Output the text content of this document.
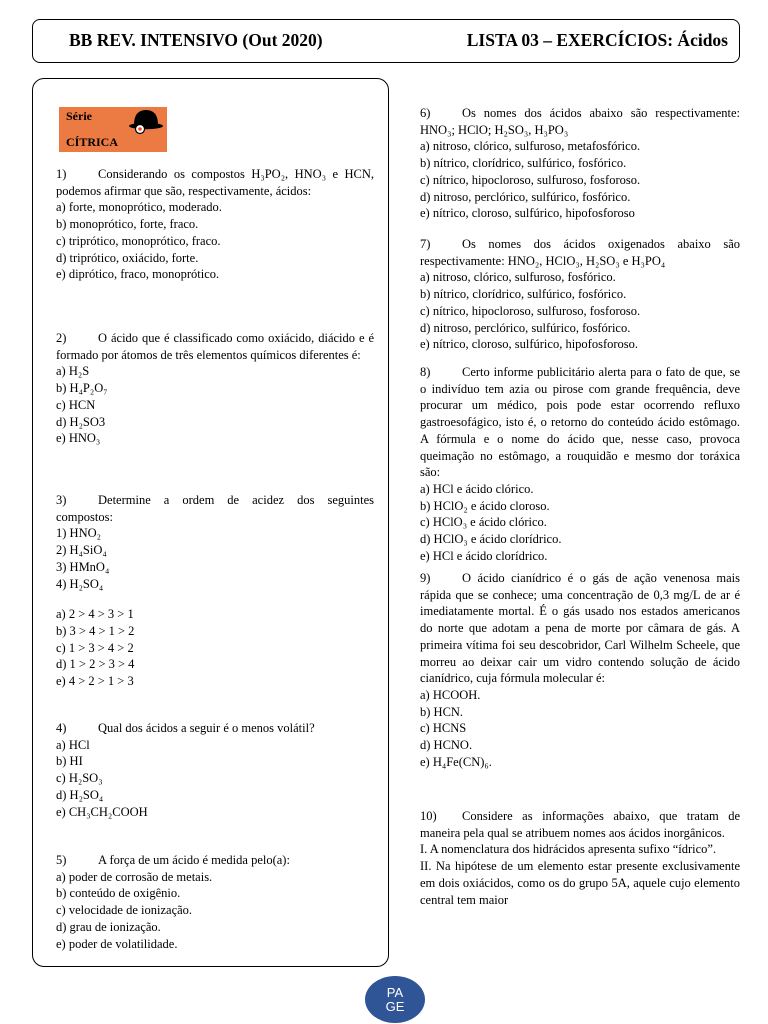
BB REV. INTENSIVO (Out 2020)	LISTA 03 – EXERCÍCIOS: Ácidos
Série
CÍTRICA
1)	Considerando os compostos H₃PO₂, HNO₃ e HCN, podemos afirmar que são, respectivamente, ácidos:
a) forte, monoprótico, moderado.
b) monoprótico, forte, fraco.
c) triprótico, monoprótico, fraco.
d) triprótico, oxiácido, forte.
e) diprótico, fraco, monoprótico.
2)	O ácido que é classificado como oxiácido, diácido e é formado por átomos de três elementos químicos diferentes é:
a) H₂S
b) H₄P₂O₇
c) HCN
d) H₂SO3
e) HNO₃
3)	Determine a ordem de acidez dos seguintes compostos:
1) HNO₂
2) H₄SiO₄
3) HMnO₄
4) H₂SO₄
a) 2 > 4 > 3 > 1
b) 3 > 4 > 1 > 2
c) 1 > 3 > 4 > 2
d) 1 > 2 > 3 > 4
e) 4 > 2 > 1 > 3
4)	Qual dos ácidos a seguir é o menos volátil?
a) HCl
b) HI
c) H₂SO₃
d) H₂SO₄
e) CH₃CH₂COOH
5)	A força de um ácido é medida pelo(a):
a) poder de corrosão de metais.
b) conteúdo de oxigênio.
c) velocidade de ionização.
d) grau de ionização.
e) poder de volatilidade.
6)	Os nomes dos ácidos abaixo são respectivamente: HNO₃; HClO; H₂SO₃, H₃PO₃
a) nitroso, clórico, sulfuroso, metafosfórico.
b) nítrico, clorídrico, sulfúrico, fosfórico.
c) nítrico, hipocloroso, sulfuroso, fosforoso.
d) nitroso, perclórico, sulfúrico, fosfórico.
e) nítrico, cloroso, sulfúrico, hipofosforoso
7)	Os nomes dos ácidos oxigenados abaixo são respectivamente: HNO₂, HClO₃, H₂SO₃ e H₃PO₄
a) nitroso, clórico, sulfuroso, fosfórico.
b) nítrico, clorídrico, sulfúrico, fosfórico.
c) nítrico, hipocloroso, sulfuroso, fosforoso.
d) nitroso, perclórico, sulfúrico, fosfórico.
e) nítrico, cloroso, sulfúrico, hipofosforoso.
8)	Certo informe publicitário alerta para o fato de que, se o indivíduo tem azia ou pirose com grande frequência, deve procurar um médico, pois pode estar ocorrendo refluxo gastroesofágico, isto é, o retorno do conteúdo ácido estômago. A fórmula e o nome do ácido que, nesse caso, provoca queimação no estômago, a rouquidão e mesmo dor toráxica são:
a) HCl e ácido clórico.
b) HClO₂ e ácido cloroso.
c) HClO₃ e ácido clórico.
d) HClO₃ e ácido clorídrico.
e) HCl e ácido clorídrico.
9)	O ácido cianídrico é o gás de ação venenosa mais rápida que se conhece; uma concentração de 0,3 mg/L de ar é imediatamente mortal. É o gás usado nos estados americanos do norte que adotam a pena de morte por câmara de gás. A primeira vítima foi seu descobridor, Carl Wilhelm Scheele, que morreu ao deixar cair um vidro contendo solução de ácido cianídrico, cuja fórmula molecular é:
a) HCOOH.
b) HCN.
c) HCNS
d) HCNO.
e) H₄Fe(CN)₆.
10) Considere as informações abaixo, que tratam de maneira pela qual se atribuem nomes aos ácidos inorgânicos.
I. A nomenclatura dos hidrácidos apresenta sufixo “ídrico”.
II. Na hipótese de um elemento estar presente exclusivamente em dois oxiácidos, como os do grupo 5A, aquele cujo elemento central tem maior
PA
GE
